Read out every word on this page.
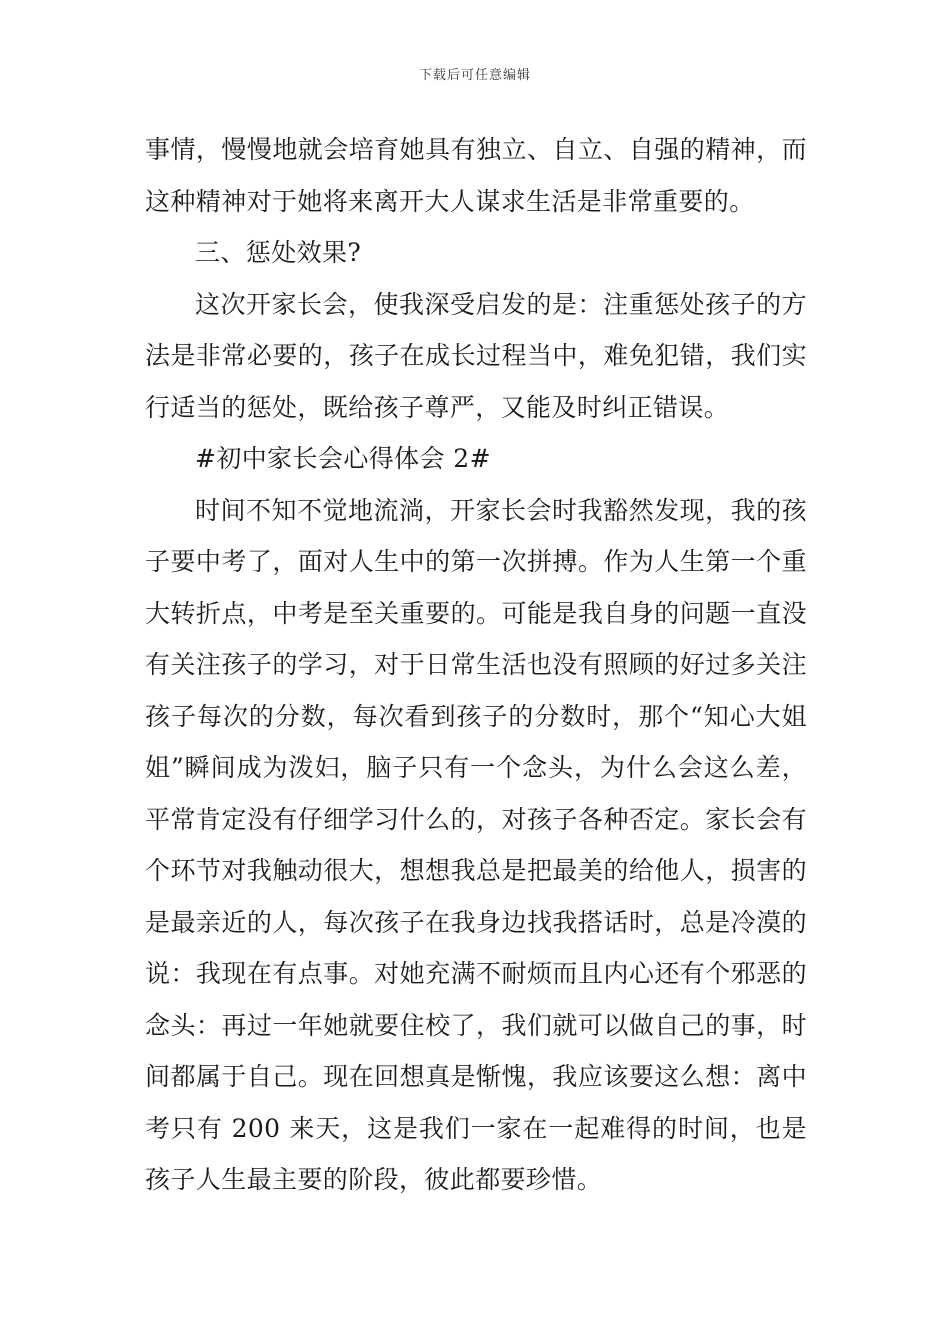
下载后可任意编辑

事情，慢慢地就会培育她具有独立、自立、自强的精神，而这种精神对于她将来离开大人谋求生活是非常重要的。

三、惩处效果?

这次开家长会，使我深受启发的是：注重惩处孩子的方法是非常必要的，孩子在成长过程当中，难免犯错，我们实行适当的惩处，既给孩子尊严，又能及时纠正错误。

#初中家长会心得体会 2#

时间不知不觉地流淌，开家长会时我豁然发现，我的孩子要中考了，面对人生中的第一次拼搏。作为人生第一个重大转折点，中考是至关重要的。可能是我自身的问题一直没有关注孩子的学习，对于日常生活也没有照顾的好过多关注孩子每次的分数，每次看到孩子的分数时，那个“知心大姐姐”瞬间成为泼妇，脑子只有一个念头，为什么会这么差，平常肯定没有仔细学习什么的，对孩子各种否定。家长会有个环节对我触动很大，想想我总是把最美的给他人，损害的是最亲近的人，每次孩子在我身边找我搭话时，总是冷漠的说：我现在有点事。对她充满不耐烦而且内心还有个邪恶的念头：再过一年她就要住校了，我们就可以做自己的事，时间都属于自己。现在回想真是惭愧，我应该要这么想：离中考只有 200 来天，这是我们一家在一起难得的时间，也是孩子人生最主要的阶段，彼此都要珍惜。
